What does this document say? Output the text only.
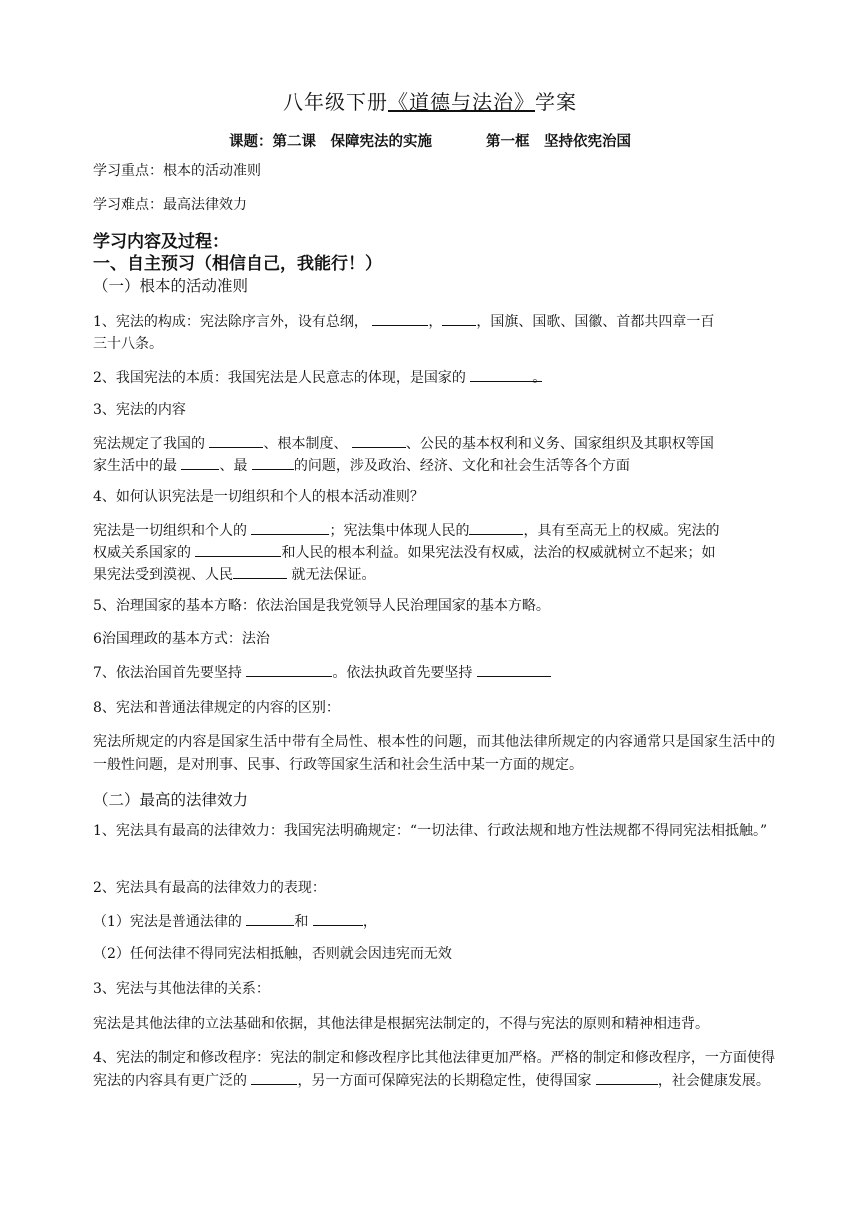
八年级下册《道德与法治》学案
课题：第二课　保障宪法的实施	第一框　坚持依宪治国
学习重点：根本的活动准则
学习难点：最高法律效力
学习内容及过程：
一、自主预习（相信自己，我能行！）
（一）根本的活动准则
1、宪法的构成：宪法除序言外，设有总纲，	， ，国旗、国歌、国徽、首都共四章一百
三十八条。
2、我国宪法的本质：我国宪法是人民意志的体现，是国家的	。
3、宪法的内容
宪法规定了我国的	、根本制度、	、公民的基本权利和义务、国家组织及其职权等国
家生活中的最	、最	的问题，涉及政治、经济、文化和社会生活等各个方面
4、如何认识宪法是一切组织和个人的根本活动准则？
宪法是一切组织和个人的	；宪法集中体现人民的	，具有至高无上的权威。宪法的
权威关系国家的	和人民的根本利益。如果宪法没有权威，法治的权威就树立不起来；如
果宪法受到漠视、人民	就无法保证。
5、治理国家的基本方略：依法治国是我党领导人民治理国家的基本方略。
6治国理政的基本方式：法治
7、依法治国首先要坚持	。依法执政首先要坚持
8、宪法和普通法律规定的内容的区别：
宪法所规定的内容是国家生活中带有全局性、根本性的问题，而其他法律所规定的内容通常只是国家生活中的一般性问题，是对刑事、民事、行政等国家生活和社会生活中某一方面的规定。
（二）最高的法律效力
1、宪法具有最高的法律效力：我国宪法明确规定：“一切法律、行政法规和地方性法规都不得同宪法相抵触。”
2、宪法具有最高的法律效力的表现：
（1）宪法是普通法律的	和	，
（2）任何法律不得同宪法相抵触，否则就会因违宪而无效
3、宪法与其他法律的关系：
宪法是其他法律的立法基础和依据，其他法律是根据宪法制定的，不得与宪法的原则和精神相违背。
4、宪法的制定和修改程序：宪法的制定和修改程序比其他法律更加严格。严格的制定和修改程序，一方面使得宪法的内容具有更广泛的	，另一方面可保障宪法的长期稳定性，使得国家	，社会健康发展。
